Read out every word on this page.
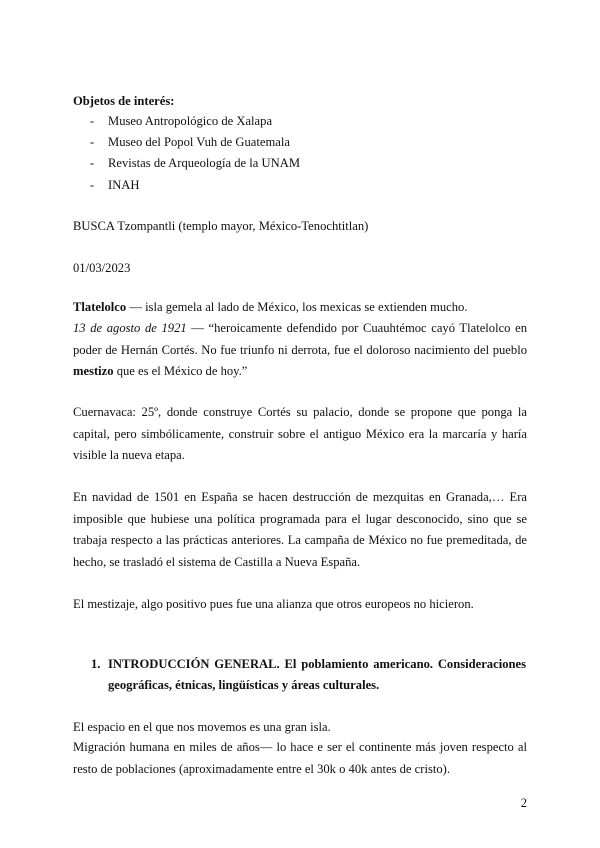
Objetos de interés:
- Museo Antropológico de Xalapa
- Museo del Popol Vuh de Guatemala
- Revistas de Arqueología de la UNAM
- INAH
BUSCA Tzompantli (templo mayor, México-Tenochtitlan)
01/03/2023
Tlatelolco — isla gemela al lado de México, los mexicas se extienden mucho.
13 de agosto de 1921 — “heroicamente defendido por Cuauhtémoc cayó Tlatelolco en poder de Hernán Cortés. No fue triunfo ni derrota, fue el doloroso nacimiento del pueblo mestizo que es el México de hoy.”
Cuernavaca: 25º, donde construye Cortés su palacio, donde se propone que ponga la capital, pero simbólicamente, construir sobre el antiguo México era la marcaría y haría visible la nueva etapa.
En navidad de 1501 en España se hacen destrucción de mezquitas en Granada,… Era imposible que hubiese una política programada para el lugar desconocido, sino que se trabaja respecto a las prácticas anteriores. La campaña de México no fue premeditada, de hecho, se trasladó el sistema de Castilla a Nueva España.
El mestizaje, algo positivo pues fue una alianza que otros europeos no hicieron.
1. INTRODUCCIÓN GENERAL. El poblamiento americano. Consideraciones geográficas, étnicas, lingüísticas y áreas culturales.
El espacio en el que nos movemos es una gran isla.
Migración humana en miles de años— lo hace e ser el continente más joven respecto al resto de poblaciones (aproximadamente entre el 30k o 40k antes de cristo).
2
